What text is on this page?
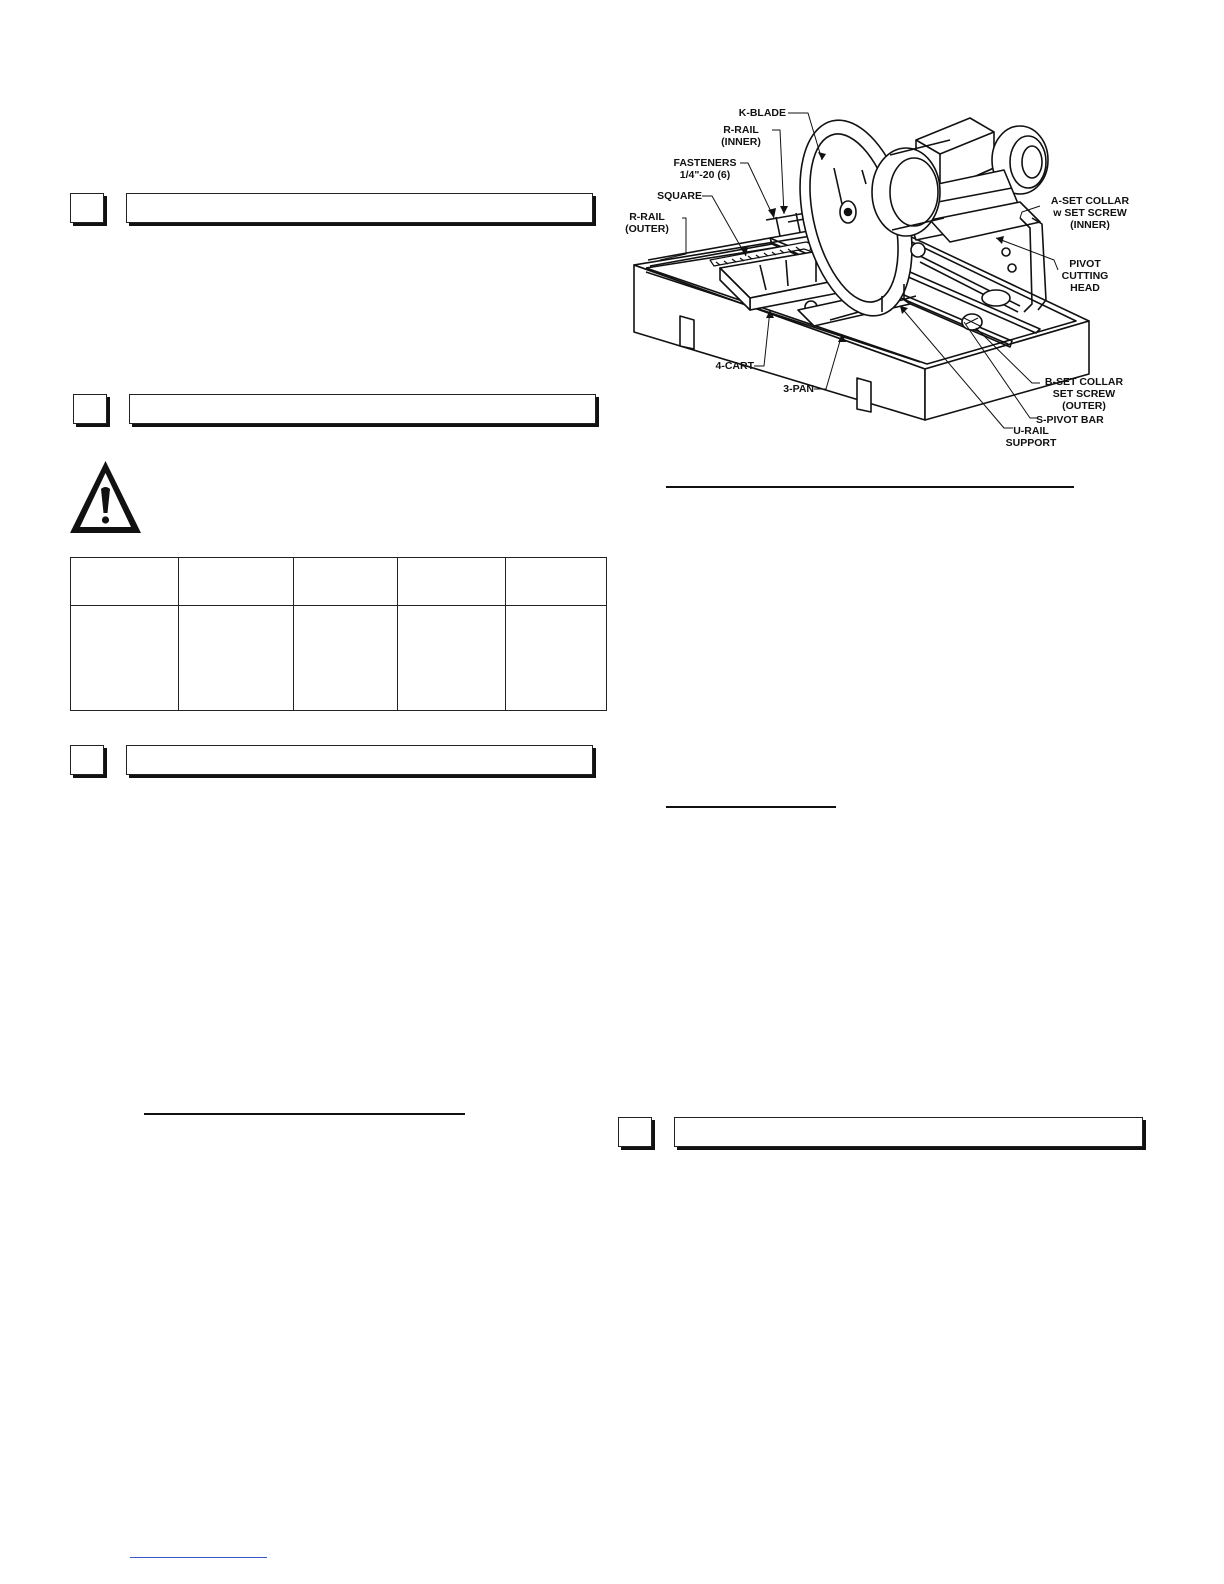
K-BLADE
R-RAIL
(INNER)
FASTENERS
1/4"-20 (6)
SQUARE
R-RAIL
(OUTER)
A-SET COLLAR
w SET SCREW
(INNER)
PIVOT
CUTTING
HEAD
4-CART
3-PAN
B-SET COLLAR
SET SCREW
(OUTER)
S-PIVOT BAR
U-RAIL
SUPPORT
